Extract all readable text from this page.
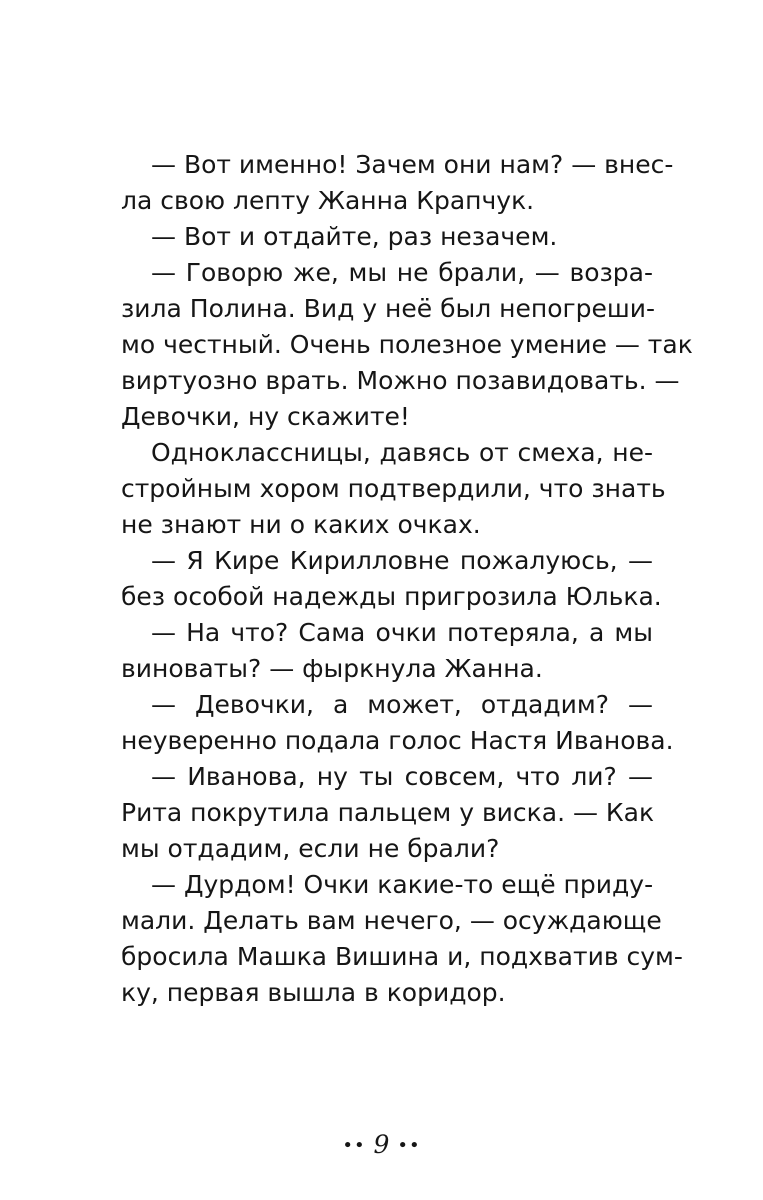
— Вот именно! Зачем они нам? — внес-
ла свою лепту Жанна Крапчук.
— Вот и отдайте, раз незачем.
— Говорю же, мы не брали, — возра-
зила Полина. Вид у неё был непогреши-
мо честный. Очень полезное умение — так
виртуозно врать. Можно позавидовать. —
Девочки, ну скажите!
Одноклассницы, давясь от смеха, не-
стройным хором подтвердили, что знать
не знают ни о каких очках.
— Я Кире Кирилловне пожалуюсь, —
без особой надежды пригрозила Юлька.
— На что? Сама очки потеряла, а мы
виноваты? — фыркнула Жанна.
— Девочки, а может, отдадим? —
неуверенно подала голос Настя Иванова.
— Иванова, ну ты совсем, что ли? —
Рита покрутила пальцем у виска. — Как
мы отдадим, если не брали?
— Дурдом! Очки какие-то ещё приду-
мали. Делать вам нечего, — осуждающе
бросила Машка Вишина и, подхватив сум-
ку, первая вышла в коридор.
•• 9 ••
